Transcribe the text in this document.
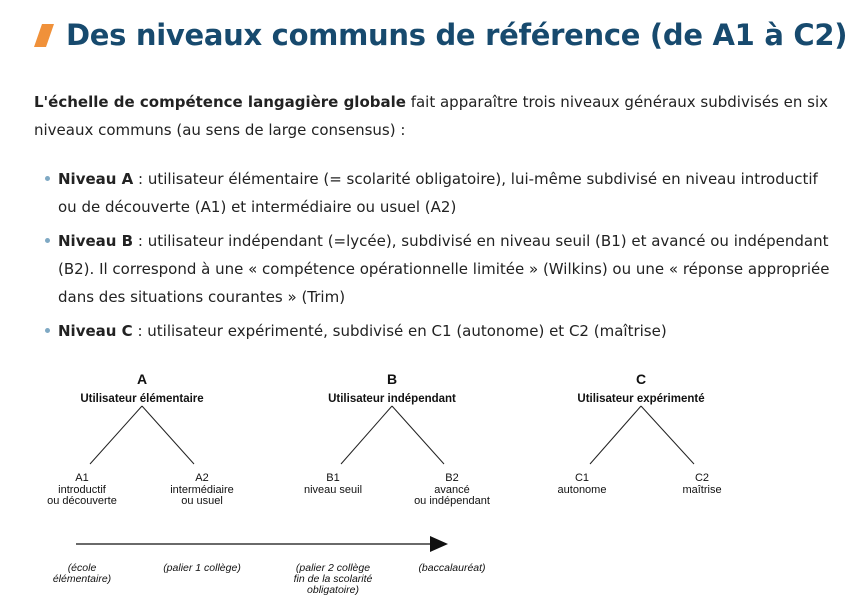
Des niveaux communs de référence (de A1 à C2)
L'échelle de compétence langagière globale fait apparaître trois niveaux généraux subdivisés en six niveaux communs (au sens de large consensus) :
Niveau A : utilisateur élémentaire (= scolarité obligatoire), lui-même subdivisé en niveau introductif ou de découverte (A1) et intermédiaire ou usuel (A2)
Niveau B : utilisateur indépendant (=lycée), subdivisé en niveau seuil (B1) et avancé ou indépendant (B2). Il correspond à une « compétence opérationnelle limitée » (Wilkins) ou une « réponse appropriée dans des situations courantes » (Trim)
Niveau C : utilisateur expérimenté, subdivisé en C1 (autonome) et C2 (maîtrise)
A
Utilisateur élémentaire
A1
introductif
ou découverte
A2
intermédiaire
ou usuel
B
Utilisateur indépendant
B1
niveau seuil
B2
avancé
ou indépendant
C
Utilisateur expérimenté
C1
autonome
C2
maîtrise
(école
élémentaire)
(palier 1 collège)	(palier 2 collège
fin de la scolarité
obligatoire)
(baccalauréat)
